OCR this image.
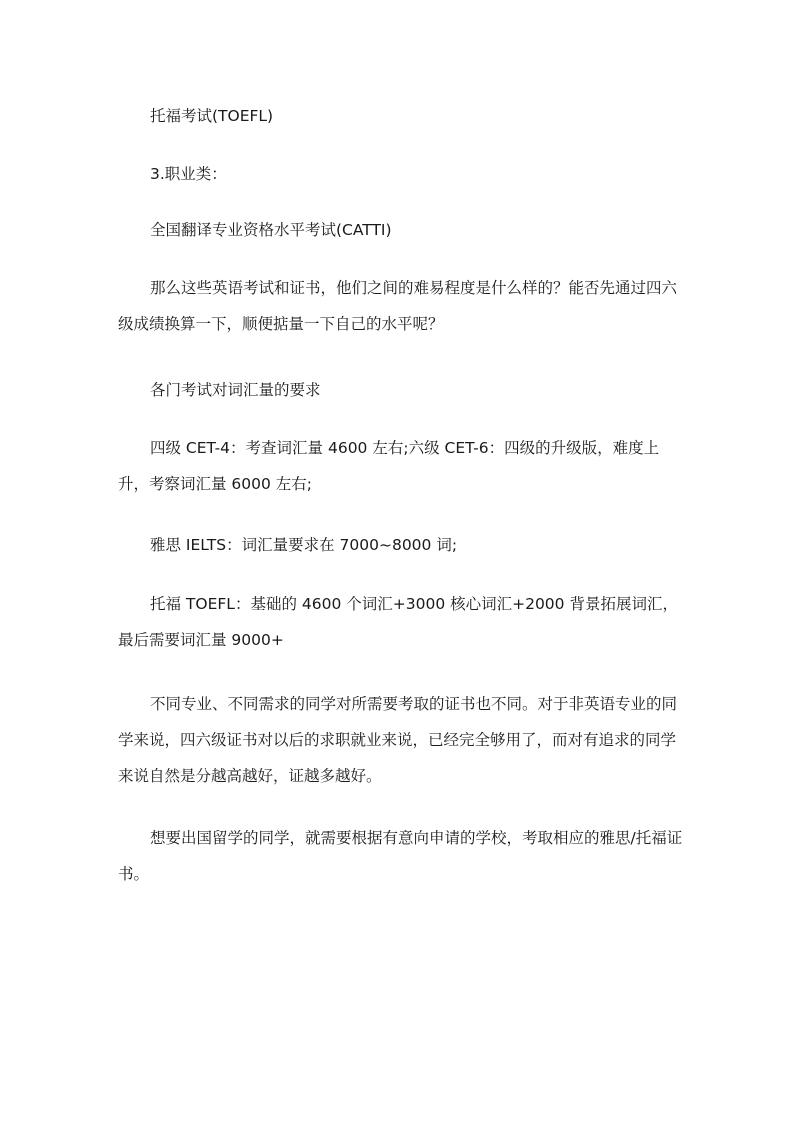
托福考试(TOEFL)

3.职业类：

全国翻译专业资格水平考试(CATTI)

那么这些英语考试和证书，他们之间的难易程度是什么样的？能否先通过四六级成绩换算一下，顺便掂量一下自己的水平呢？

各门考试对词汇量的要求

四级 CET-4：考查词汇量 4600 左右;六级 CET-6：四级的升级版，难度上升，考察词汇量 6000 左右;

雅思 IELTS：词汇量要求在 7000~8000 词;

托福 TOEFL：基础的 4600 个词汇+3000 核心词汇+2000 背景拓展词汇，最后需要词汇量 9000+

不同专业、不同需求的同学对所需要考取的证书也不同。对于非英语专业的同学来说，四六级证书对以后的求职就业来说，已经完全够用了，而对有追求的同学来说自然是分越高越好，证越多越好。

想要出国留学的同学，就需要根据有意向申请的学校，考取相应的雅思/托福证书。
